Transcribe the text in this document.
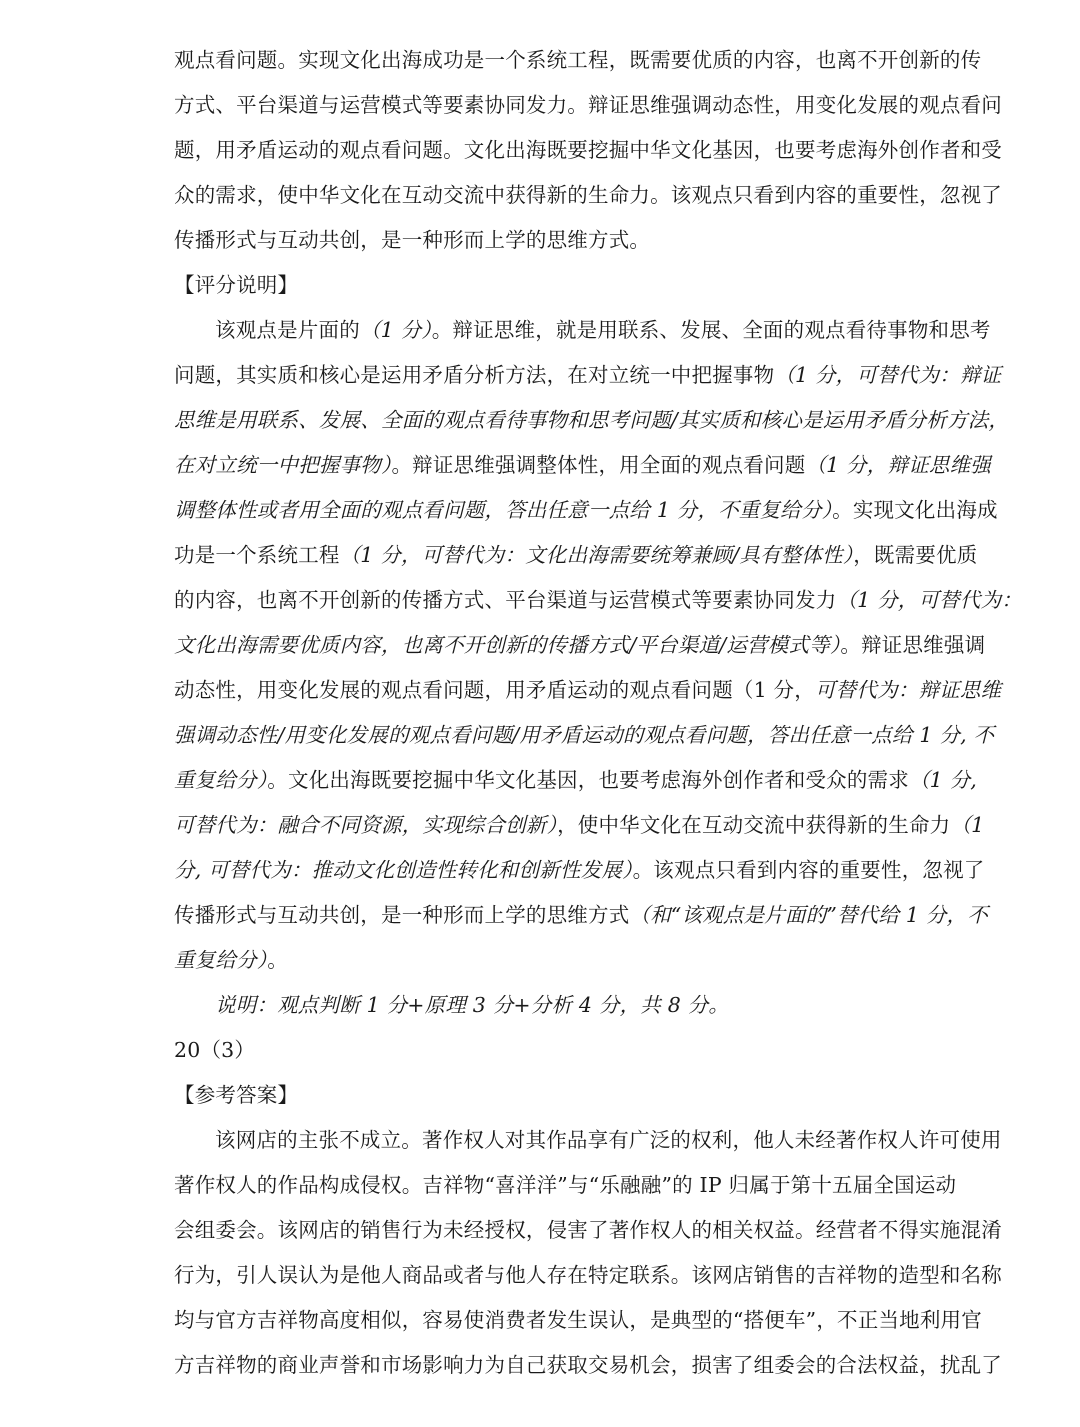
观点看问题。实现文化出海成功是一个系统工程，既需要优质的内容，也离不开创新的传
方式、平台渠道与运营模式等要素协同发力。辩证思维强调动态性，用变化发展的观点看问
题，用矛盾运动的观点看问题。文化出海既要挖掘中华文化基因，也要考虑海外创作者和受
众的需求，使中华文化在互动交流中获得新的生命力。该观点只看到内容的重要性，忽视了
传播形式与互动共创，是一种形而上学的思维方式。
【评分说明】
该观点是片面的（1 分）。辩证思维，就是用联系、发展、全面的观点看待事物和思考
问题，其实质和核心是运用矛盾分析方法，在对立统一中把握事物（1 分，可替代为：辩证
思维是用联系、发展、全面的观点看待事物和思考问题/其实质和核心是运用矛盾分析方法，
在对立统一中把握事物）。辩证思维强调整体性，用全面的观点看问题（1 分，辩证思维强
调整体性或者用全面的观点看问题，答出任意一点给 1 分，不重复给分）。实现文化出海成
功是一个系统工程（1 分，可替代为：文化出海需要统筹兼顾/具有整体性），既需要优质
的内容，也离不开创新的传播方式、平台渠道与运营模式等要素协同发力（1 分，可替代为：
文化出海需要优质内容，也离不开创新的传播方式/平台渠道/运营模式等）。辩证思维强调
动态性，用变化发展的观点看问题，用矛盾运动的观点看问题（1 分，可替代为：辩证思维
强调动态性/用变化发展的观点看问题/用矛盾运动的观点看问题，答出任意一点给 1 分, 不
重复给分）。文化出海既要挖掘中华文化基因，也要考虑海外创作者和受众的需求（1 分,
可替代为：融合不同资源，实现综合创新），使中华文化在互动交流中获得新的生命力（1
分, 可替代为：推动文化创造性转化和创新性发展）。该观点只看到内容的重要性，忽视了
传播形式与互动共创，是一种形而上学的思维方式（和“该观点是片面的”替代给 1 分，不
重复给分）。
说明：观点判断 1 分+原理 3 分+分析 4 分，共 8 分。
20（3）
【参考答案】
该网店的主张不成立。著作权人对其作品享有广泛的权利，他人未经著作权人许可使用
著作权人的作品构成侵权。吉祥物“喜洋洋”与“乐融融”的 IP 归属于第十五届全国运动
会组委会。该网店的销售行为未经授权，侵害了著作权人的相关权益。经营者不得实施混淆
行为，引人误认为是他人商品或者与他人存在特定联系。该网店销售的吉祥物的造型和名称
均与官方吉祥物高度相似，容易使消费者发生误认，是典型的“搭便车”，不正当地利用官
方吉祥物的商业声誉和市场影响力为自己获取交易机会，损害了组委会的合法权益，扰乱了
